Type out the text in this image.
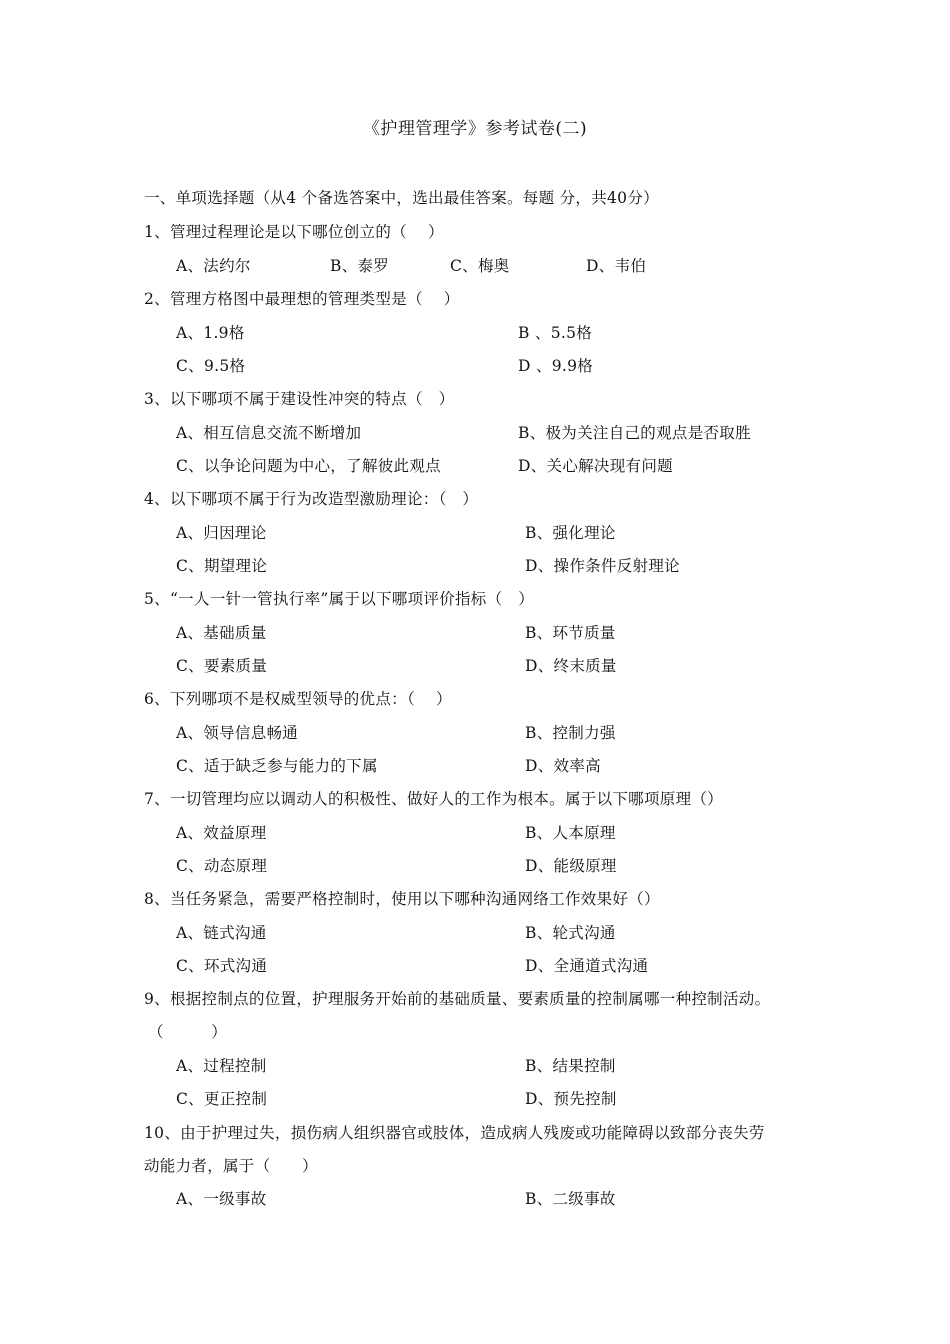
《护理管理学》参考试卷(二)
一、单项选择题（从4 个备选答案中，选出最佳答案。每题 分，共40分）
1、管理过程理论是以下哪位创立的（　 ）
A、法约尔	B、泰罗	C、梅奥	D、韦伯
2、管理方格图中最理想的管理类型是（　 ）
A、1.9格	B 、5.5格
C、9.5格	D 、9.9格
3、以下哪项不属于建设性冲突的特点（　）
A、相互信息交流不断增加	B、极为关注自己的观点是否取胜
C、以争论问题为中心，了解彼此观点	D、关心解决现有问题
4、以下哪项不属于行为改造型激励理论：（　）
A、归因理论	B、强化理论
C、期望理论	D、操作条件反射理论
5、“一人一针一管执行率”属于以下哪项评价指标（　）
A、基础质量	B、环节质量
C、要素质量	D、终末质量
6、下列哪项不是权威型领导的优点：（　 ）
A、领导信息畅通	B、控制力强
C、适于缺乏参与能力的下属	D、效率高
7、一切管理均应以调动人的积极性、做好人的工作为根本。属于以下哪项原理（）
A、效益原理	B、人本原理
C、动态原理	D、能级原理
8、当任务紧急，需要严格控制时，使用以下哪种沟通网络工作效果好（）
A、链式沟通	B、轮式沟通
C、环式沟通	D、全通道式沟通
9、根据控制点的位置，护理服务开始前的基础质量、要素质量的控制属哪一种控制活动。
（　　　）
A、过程控制	B、结果控制
C、更正控制	D、预先控制
10、由于护理过失，损伤病人组织器官或肢体，造成病人残废或功能障碍以致部分丧失劳
动能力者，属于（　　）
A、一级事故	B、二级事故
